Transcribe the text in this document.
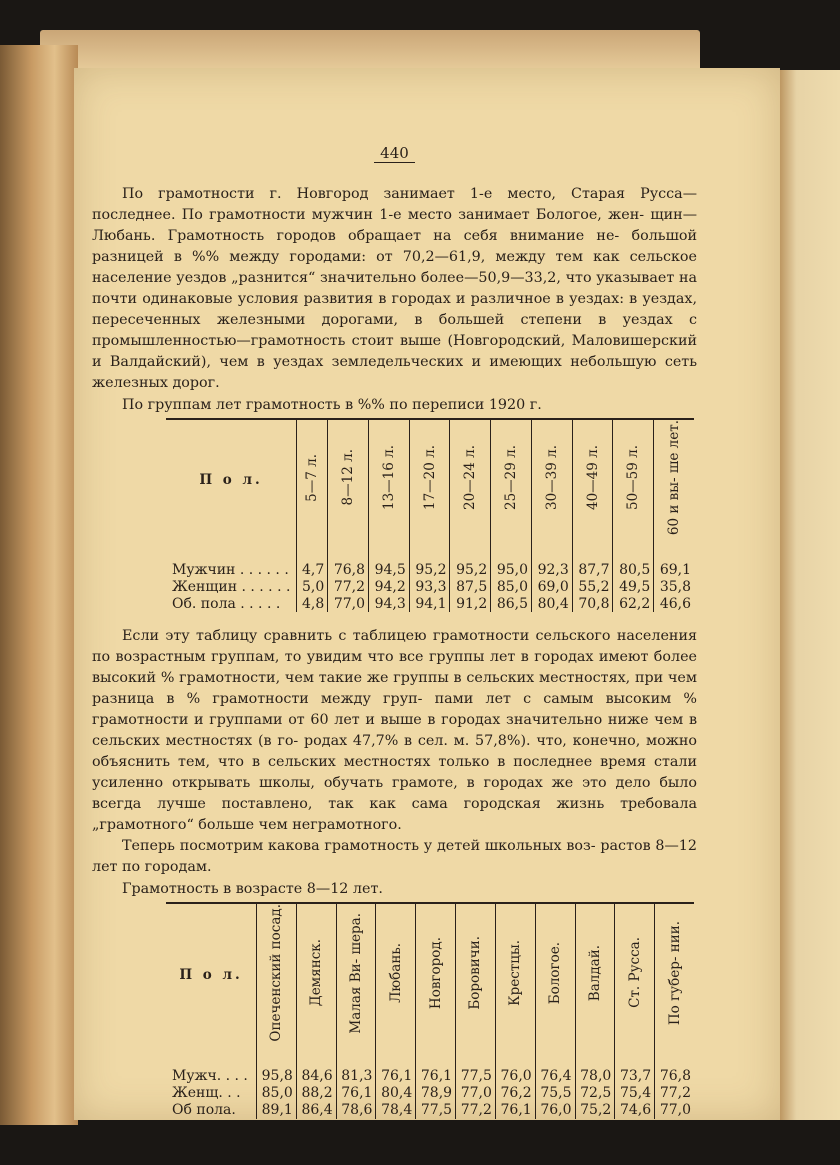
440

По грамотности г. Новгород занимает 1-е место, Старая Русса— последнее. По грамотности мужчин 1-е место занимает Бологое, жен- щин—Любань. Грамотность городов обращает на себя внимание не- большой разницей в %% между городами: от 70,2—61,9, между тем как сельское население уездов „разнится“ значительно более—50,9—33,2, что указывает на почти одинаковые условия развития в городах и различное в уездах: в уездах, пересеченных железными дорогами, в большей степени в уездах с промышленностью—грамотность стоит выше (Новгородский, Маловишерский и Валдайский), чем в уездах земледельческих и имеющих небольшую сеть железных дорог.

По группам лет грамотность в %% по переписи 1920 г.
П о л.	5—7 л.	8—12 л.	13—16 л.	17—20 л.	20—24 л.	25—29 л.	30—39 л.	40—49 л.	50—59 л.	60 и вы- ше лет.

Мужчин . . . . . .	4,7	76,8	94,5	95,2	95,2	95,0	92,3	87,7	80,5	69,1
Женщин . . . . . .	5,0	77,2	94,2	93,3	87,5	85,0	69,0	55,2	49,5	35,8
Об. пола . . . . .	4,8	77,0	94,3	94,1	91,2	86,5	80,4	70,8	62,2	46,6

Если эту таблицу сравнить с таблицею грамотности сельского населения по возрастным группам, то увидим что все группы лет в городах имеют более высокий % грамотности, чем такие же группы в сельских местностях, при чем разница в % грамотности между груп- пами лет с самым высоким % грамотности и группами от 60 лет и выше в городах значительно ниже чем в сельских местностях (в го- родах 47,7% в сел. м. 57,8%). что, конечно, можно объяснить тем, что в сельских местностях только в последнее время стали усиленно открывать школы, обучать грамоте, в городах же это дело было всегда лучше поставлено, так как сама городская жизнь требовала „грамотного“ больше чем неграмотного.

Теперь посмотрим какова грамотность у детей школьных воз- растов 8—12 лет по городам.

Грамотность в возрасте 8—12 лет.
П о л.	Опеченский посад.	Демянск.	Малая Ви- шера.	Любань.	Новгород.	Боровичи.	Крестцы.	Бологое.	Валдай.	Ст. Русса.	По губер- нии.

Мужч. . . .	95,8	84,6	81,3	76,1	76,1	77,5	76,0	76,4	78,0	73,7	76,8
Женщ. . .	85,0	88,2	76,1	80,4	78,9	77,0	76,2	75,5	72,5	75,4	77,2
Об пола.	89,1	86,4	78,6	78,4	77,5	77,2	76,1	76,0	75,2	74,6	77,0
